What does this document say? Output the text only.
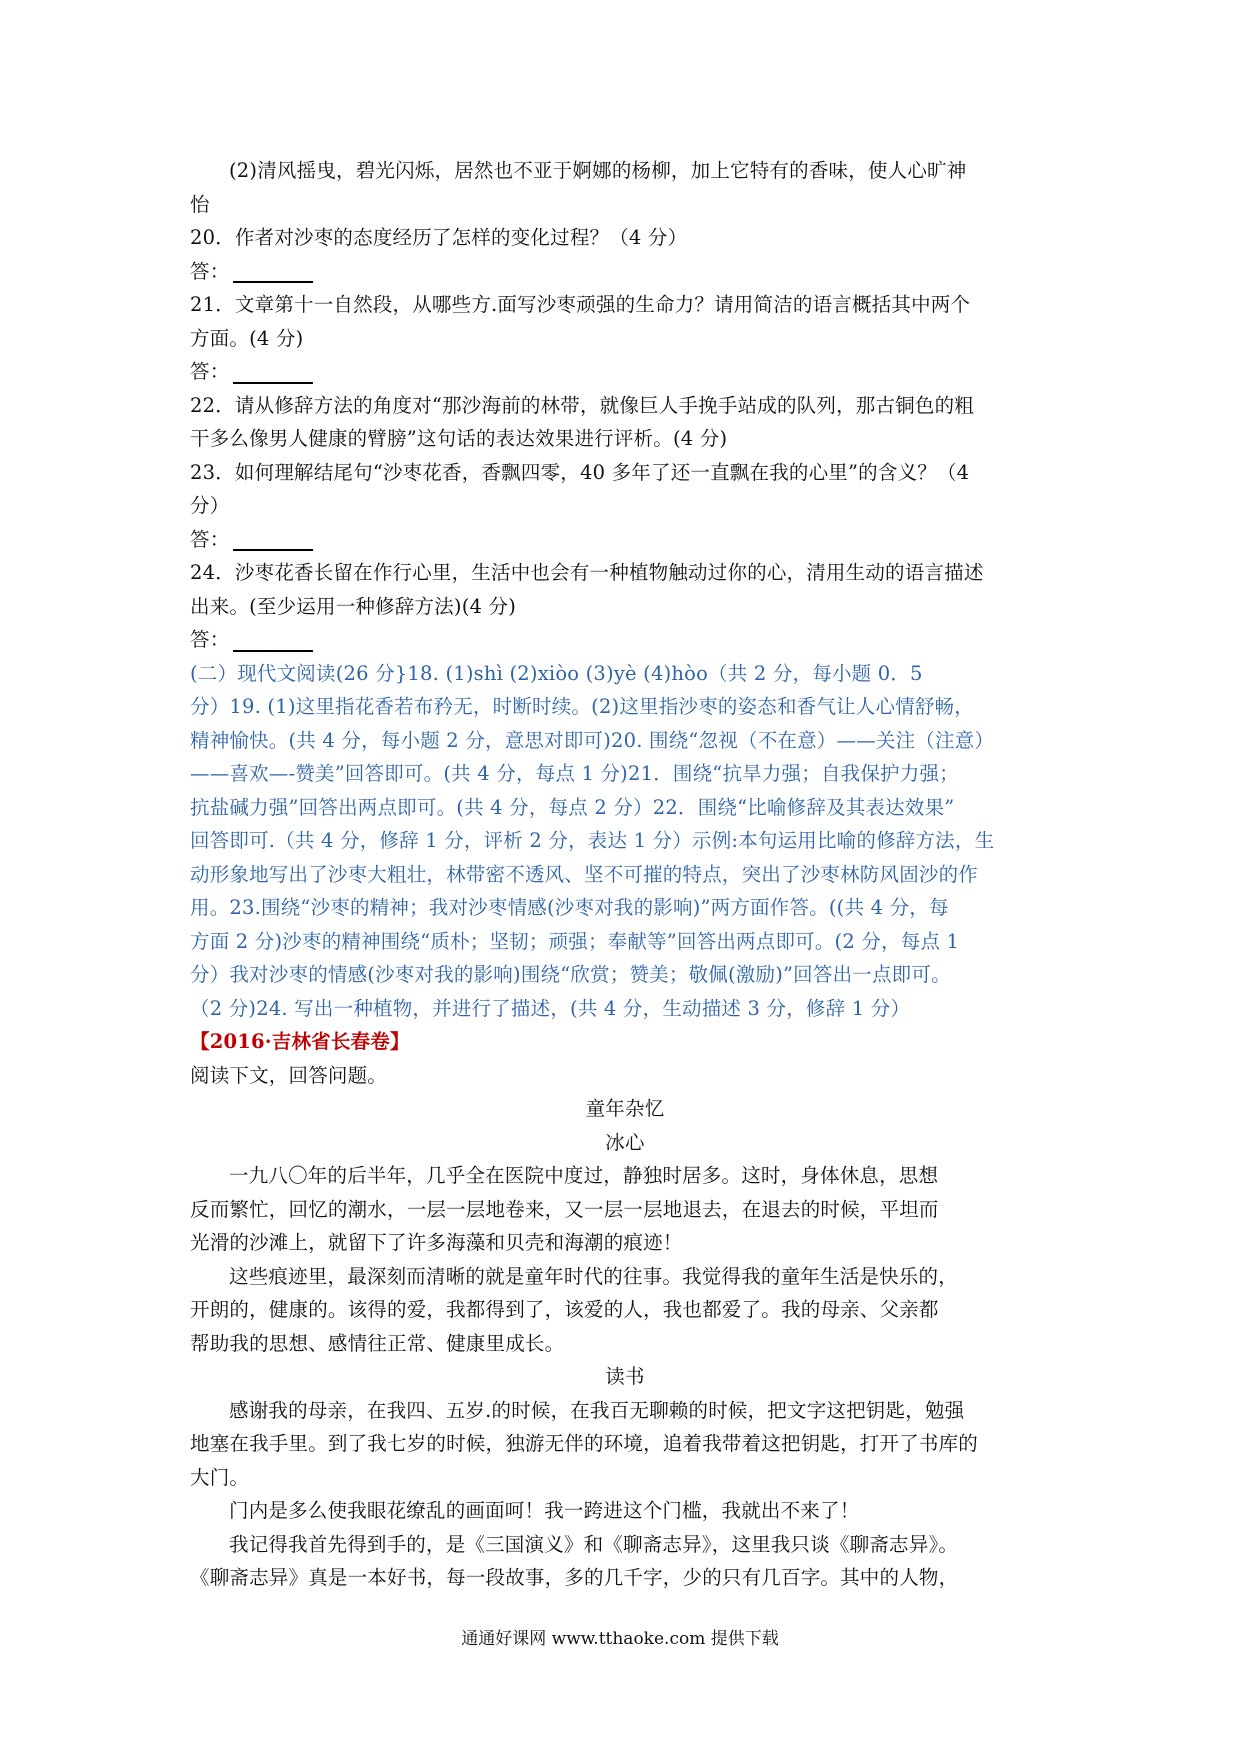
(2)清风摇曳，碧光闪烁，居然也不亚于婀娜的杨柳，加上它特有的香味，使人心旷神
怡
20．作者对沙枣的态度经历了怎样的变化过程？（4 分）
答：
21．文章第十一自然段，从哪些方.面写沙枣顽强的生命力？请用简洁的语言概括其中两个
方面。(4 分)
答：
22．请从修辞方法的角度对“那沙海前的林带，就像巨人手挽手站成的队列，那古铜色的粗
干多么像男人健康的臂膀”这句话的表达效果进行评析。(4 分)
23．如何理解结尾句“沙枣花香，香飘四零，40 多年了还一直飘在我的心里”的含义？（4
分）
答：
24．沙枣花香长留在作行心里，生活中也会有一种植物触动过你的心，清用生动的语言描述
出来。(至少运用一种修辞方法)(4 分)
答：
(二）现代文阅读(26 分}18. (1)shì (2)xiòo (3)yè (4)hòo（共 2 分，每小题 0．5
分）19. (1)这里指花香若布矜无，时断时续。(2)这里指沙枣的姿态和香气让人心情舒畅，
精神愉快。(共 4 分，每小题 2 分，意思对即可)20. 围绕“忽视（不在意）——关注（注意）
——喜欢—-赞美”回答即可。(共 4 分，每点 1 分)21．围绕“抗旱力强；自我保护力强；
抗盐碱力强”回答出两点即可。(共 4 分，每点 2 分）22．围绕“比喻修辞及其表达效果”
回答即可.（共 4 分，修辞 1 分，评析 2 分，表达 1 分）示例:本句运用比喻的修辞方法，生
动形象地写出了沙枣大粗壮，林带密不透风、坚不可摧的特点，突出了沙枣林防风固沙的作
用。23.围绕“沙枣的精神；我对沙枣情感(沙枣对我的影响)”两方面作答。((共 4 分，每
方面 2 分)沙枣的精神围绕“质朴；坚韧；顽强；奉献等”回答出两点即可。(2 分，每点 1
分）我对沙枣的情感(沙枣对我的影响)围绕“欣赏；赞美；敬佩(激励)”回答出一点即可。
（2 分)24. 写出一种植物，并进行了描述，(共 4 分，生动描述 3 分，修辞 1 分）
【2016·吉林省长春卷】
阅读下文，回答问题。
童年杂忆
冰心
一九八〇年的后半年，几乎全在医院中度过，静独时居多。这时，身体休息，思想
反而繁忙，回忆的潮水，一层一层地卷来，又一层一层地退去，在退去的时候，平坦而
光滑的沙滩上，就留下了许多海藻和贝壳和海潮的痕迹！
这些痕迹里，最深刻而清晰的就是童年时代的往事。我觉得我的童年生活是快乐的，
开朗的，健康的。该得的爱，我都得到了，该爱的人，我也都爱了。我的母亲、父亲都
帮助我的思想、感情往正常、健康里成长。
读书
感谢我的母亲，在我四、五岁.的时候，在我百无聊赖的时候，把文字这把钥匙，勉强
地塞在我手里。到了我七岁的时候，独游无伴的环境，追着我带着这把钥匙，打开了书库的
大门。
门内是多么使我眼花缭乱的画面呵！我一跨进这个门槛，我就出不来了！
我记得我首先得到手的，是《三国演义》和《聊斋志异》，这里我只谈《聊斋志异》。
《聊斋志异》真是一本好书，每一段故事，多的几千字，少的只有几百字。其中的人物，
通通好课网 www.tthaoke.com 提供下载
